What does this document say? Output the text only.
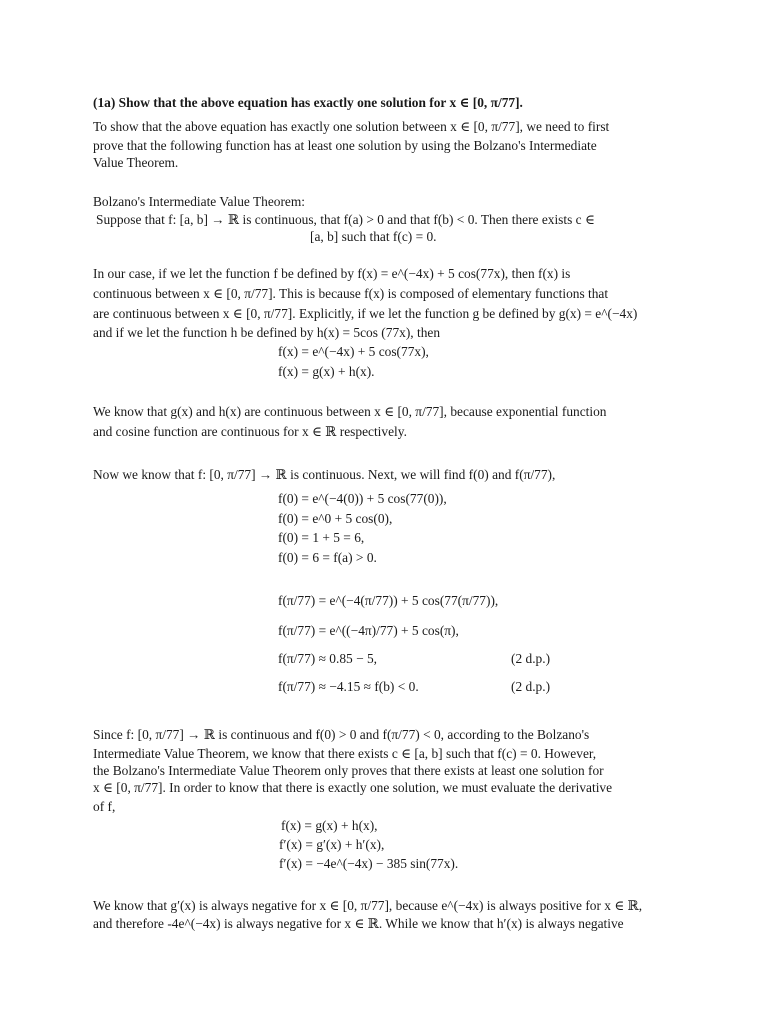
(1a) Show that the above equation has exactly one solution for x ∈ [0, π/77].
To show that the above equation has exactly one solution between x ∈ [0, π/77], we need to first
prove that the following function has at least one solution by using the Bolzano's Intermediate
Value Theorem.
Bolzano's Intermediate Value Theorem:
Suppose that f: [a, b] → ℝ is continuous, that f(a) > 0 and that f(b) < 0. Then there exists c ∈
[a, b] such that f(c) = 0.
In our case, if we let the function f be defined by f(x) = e^(−4x) + 5 cos(77x), then f(x) is
continuous between x ∈ [0, π/77]. This is because f(x) is composed of elementary functions that
are continuous between x ∈ [0, π/77]. Explicitly, if we let the function g be defined by g(x) = e^(−4x)
and if we let the function h be defined by h(x) = 5cos (77x), then
f(x) = e^(−4x) + 5 cos(77x),
f(x) = g(x) + h(x).
We know that g(x) and h(x) are continuous between x ∈ [0, π/77], because exponential function
and cosine function are continuous for x ∈ ℝ respectively.
Now we know that f: [0, π/77] → ℝ is continuous. Next, we will find f(0) and f(π/77),
f(0) = e^(−4(0)) + 5 cos(77(0)),
f(0) = e^0 + 5 cos(0),
f(0) = 1 + 5 = 6,
f(0) = 6 = f(a) > 0.
f(π/77) = e^(−4(π/77)) + 5 cos(77(π/77)),
f(π/77) = e^((−4π)/77) + 5 cos(π),
f(π/77) ≈ 0.85 − 5,	(2 d.p.)
f(π/77) ≈ −4.15 ≈ f(b) < 0.	(2 d.p.)
Since f: [0, π/77] → ℝ is continuous and f(0) > 0 and f(π/77) < 0, according to the Bolzano's
Intermediate Value Theorem, we know that there exists c ∈ [a, b] such that f(c) = 0. However,
the Bolzano's Intermediate Value Theorem only proves that there exists at least one solution for
x ∈ [0, π/77]. In order to know that there is exactly one solution, we must evaluate the derivative
of f,
f(x) = g(x) + h(x),
f′(x) = g′(x) + h′(x),
f′(x) = −4e^(−4x) − 385 sin(77x).
We know that g′(x) is always negative for x ∈ [0, π/77], because e^(−4x) is always positive for x ∈ ℝ,
and therefore -4e^(−4x) is always negative for x ∈ ℝ. While we know that h′(x) is always negative
